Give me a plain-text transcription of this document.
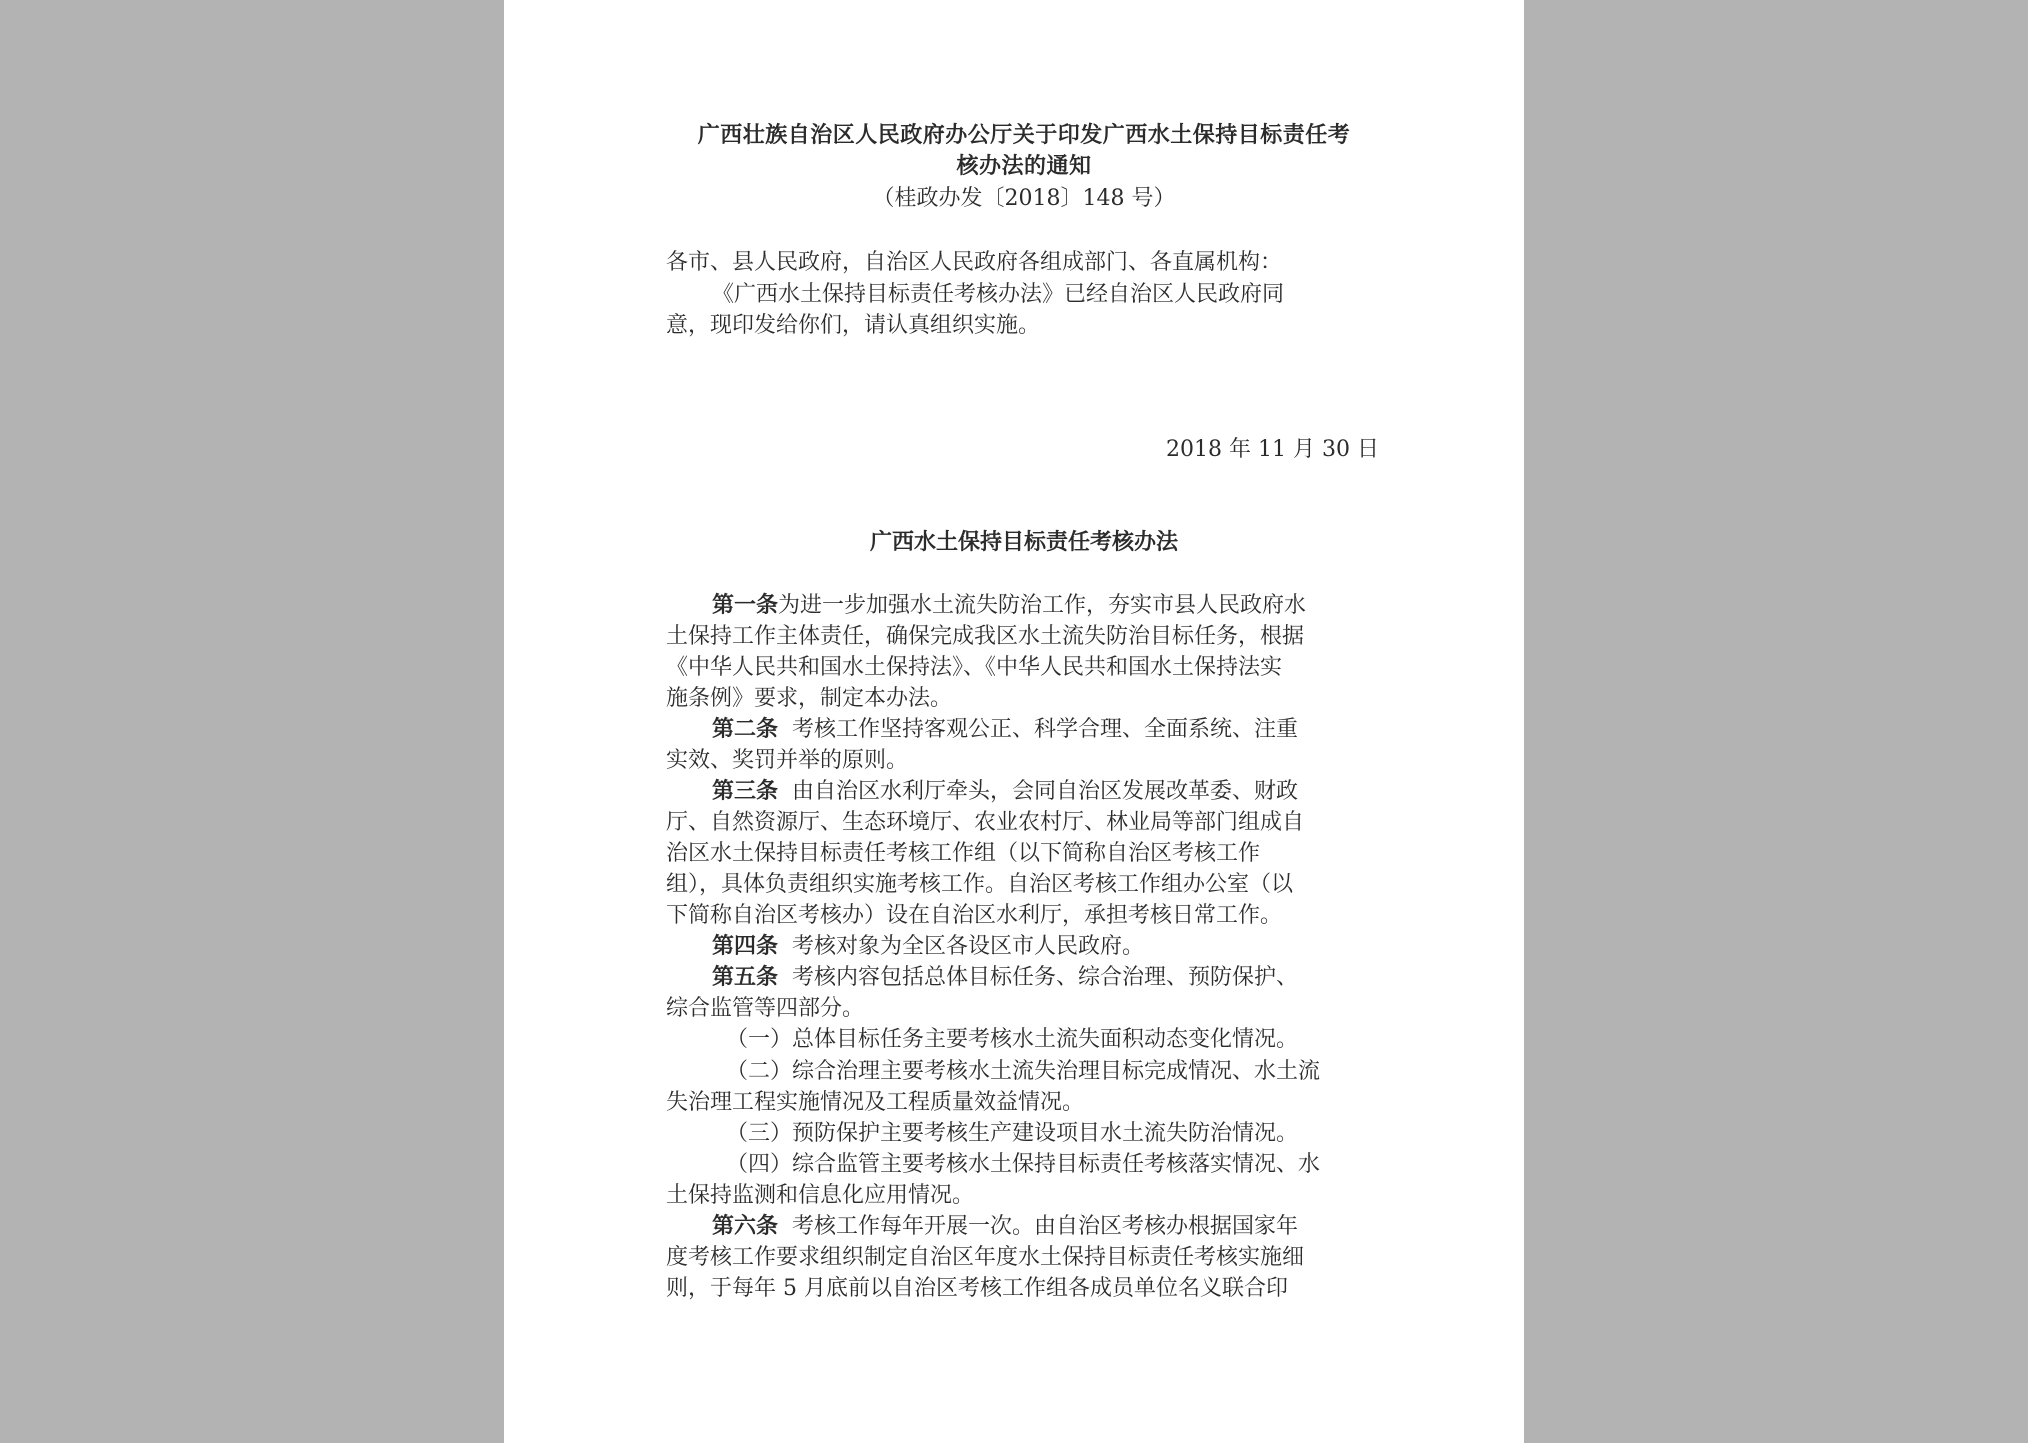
广西壮族自治区人民政府办公厅关于印发广西水土保持目标责任考
核办法的通知
（桂政办发〔2018〕148 号）
各市、县人民政府，自治区人民政府各组成部门、各直属机构：
《广西水土保持目标责任考核办法》已经自治区人民政府同
意，现印发给你们，请认真组织实施。
2018 年 11 月 30 日
广西水土保持目标责任考核办法
第一条为进一步加强水土流失防治工作，夯实市县人民政府水
土保持工作主体责任，确保完成我区水土流失防治目标任务，根据
《中华人民共和国水土保持法》、《中华人民共和国水土保持法实
施条例》要求，制定本办法。
第二条 考核工作坚持客观公正、科学合理、全面系统、注重
实效、奖罚并举的原则。
第三条 由自治区水利厅牵头，会同自治区发展改革委、财政
厅、自然资源厅、生态环境厅、农业农村厅、林业局等部门组成自
治区水土保持目标责任考核工作组（以下简称自治区考核工作
组），具体负责组织实施考核工作。自治区考核工作组办公室（以
下简称自治区考核办）设在自治区水利厅，承担考核日常工作。
第四条 考核对象为全区各设区市人民政府。
第五条 考核内容包括总体目标任务、综合治理、预防保护、
综合监管等四部分。
（一）总体目标任务主要考核水土流失面积动态变化情况。
（二）综合治理主要考核水土流失治理目标完成情况、水土流
失治理工程实施情况及工程质量效益情况。
（三）预防保护主要考核生产建设项目水土流失防治情况。
（四）综合监管主要考核水土保持目标责任考核落实情况、水
土保持监测和信息化应用情况。
第六条 考核工作每年开展一次。由自治区考核办根据国家年
度考核工作要求组织制定自治区年度水土保持目标责任考核实施细
则，于每年 5 月底前以自治区考核工作组各成员单位名义联合印
